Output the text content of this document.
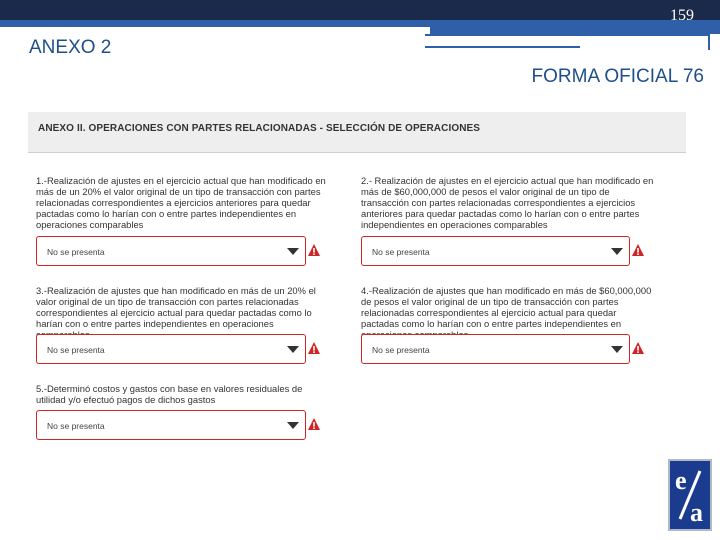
159
ANEXO 2
FORMA OFICIAL 76
ANEXO II. OPERACIONES CON PARTES RELACIONADAS - SELECCIÓN DE OPERACIONES
1.-Realización de ajustes en el ejercicio actual que han modificado en más de un 20% el valor original de un tipo de transacción con partes relacionadas correspondientes a ejercicios anteriores para quedar pactadas como lo harían con o entre partes independientes en operaciones comparables
No se presenta
2.- Realización de ajustes en el ejercicio actual que han modificado en más de $60,000,000 de pesos el valor original de un tipo de transacción con partes relacionadas correspondientes a ejercicios anteriores para quedar pactadas como lo harían con o entre partes independientes en operaciones comparables
No se presenta
3.-Realización de ajustes que han modificado en más de un 20% el valor original de un tipo de transacción con partes relacionadas correspondientes al ejercicio actual para quedar pactadas como lo harían con o entre partes independientes en operaciones
No se presenta
4.-Realización de ajustes que han modificado en más de $60,000,000 de pesos el valor original de un tipo de transacción con partes relacionadas correspondientes al ejercicio actual para quedar pactadas como lo harían con o entre partes independientes en
No se presenta
5.-Determinó costos y gastos con base en valores residuales de utilidad y/o efectuó pagos de dichos gastos
No se presenta
e
a
